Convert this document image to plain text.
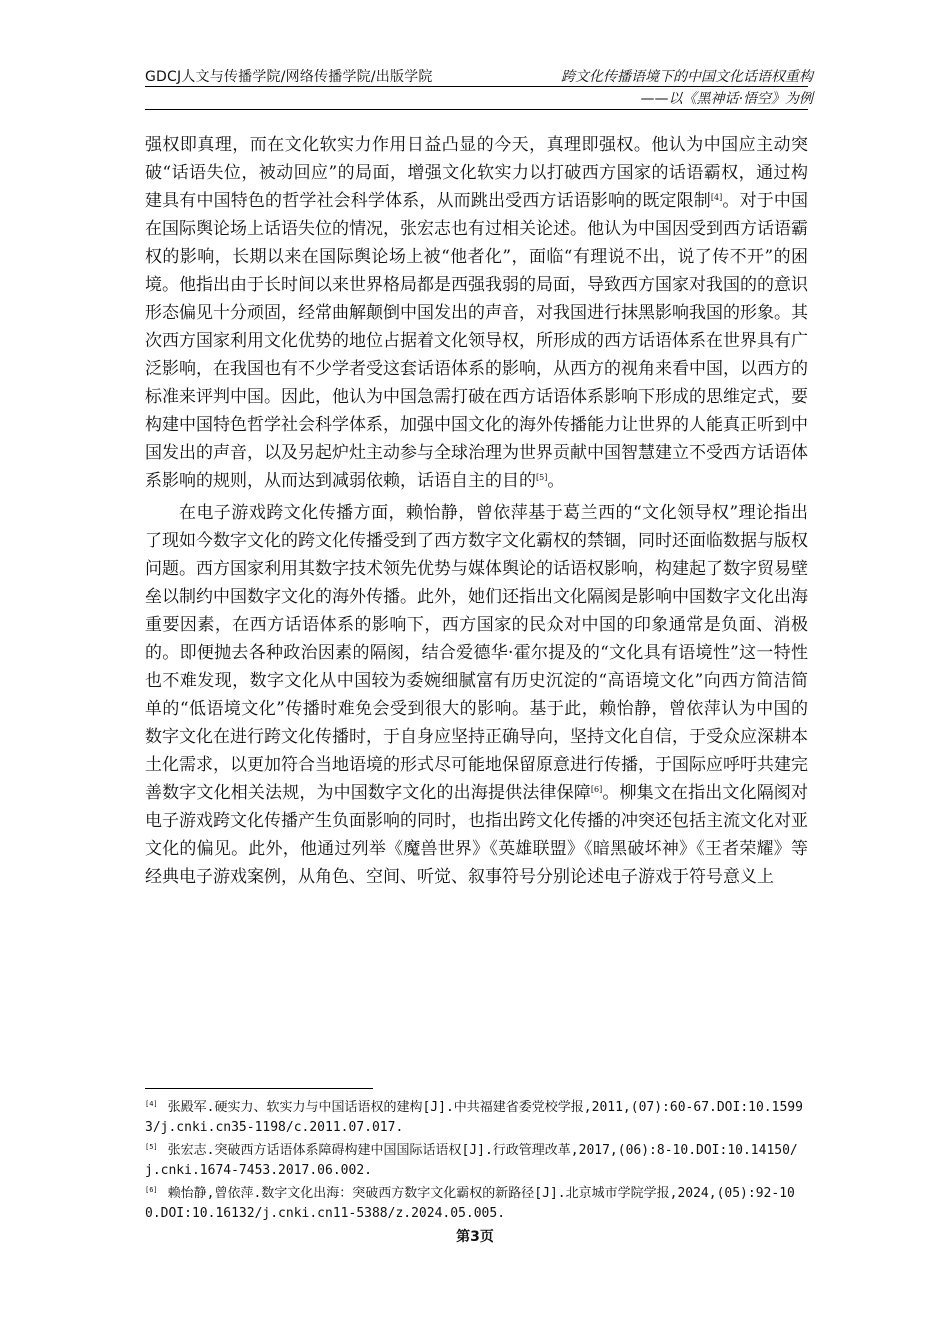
GDCJ人文与传播学院/网络传播学院/出版学院	跨文化传播语境下的中国文化话语权重构
——以《黑神话·悟空》为例

强权即真理，而在文化软实力作用日益凸显的今天，真理即强权。他认为中国应主动突破“话语失位，被动回应”的局面，增强文化软实力以打破西方国家的话语霸权，通过构建具有中国特色的哲学社会科学体系，从而跳出受西方话语影响的既定限制[4]。对于中国在国际舆论场上话语失位的情况，张宏志也有过相关论述。他认为中国因受到西方话语霸权的影响，长期以来在国际舆论场上被“他者化”，面临“有理说不出，说了传不开”的困境。他指出由于长时间以来世界格局都是西强我弱的局面，导致西方国家对我国的的意识形态偏见十分顽固，经常曲解颠倒中国发出的声音，对我国进行抹黑影响我国的形象。其次西方国家利用文化优势的地位占据着文化领导权，所形成的西方话语体系在世界具有广泛影响，在我国也有不少学者受这套话语体系的影响，从西方的视角来看中国，以西方的标准来评判中国。因此，他认为中国急需打破在西方话语体系影响下形成的思维定式，要构建中国特色哲学社会科学体系，加强中国文化的海外传播能力让世界的人能真正听到中国发出的声音，以及另起炉灶主动参与全球治理为世界贡献中国智慧建立不受西方话语体系影响的规则，从而达到减弱依赖，话语自主的目的[5]。

在电子游戏跨文化传播方面，赖怡静，曾依萍基于葛兰西的“文化领导权”理论指出了现如今数字文化的跨文化传播受到了西方数字文化霸权的禁锢，同时还面临数据与版权问题。西方国家利用其数字技术领先优势与媒体舆论的话语权影响，构建起了数字贸易壁垒以制约中国数字文化的海外传播。此外，她们还指出文化隔阂是影响中国数字文化出海重要因素，在西方话语体系的影响下，西方国家的民众对中国的印象通常是负面、消极的。即便抛去各种政治因素的隔阂，结合爱德华·霍尔提及的“文化具有语境性”这一特性也不难发现，数字文化从中国较为委婉细腻富有历史沉淀的“高语境文化”向西方简洁简单的“低语境文化”传播时难免会受到很大的影响。基于此，赖怡静，曾依萍认为中国的数字文化在进行跨文化传播时，于自身应坚持正确导向，坚持文化自信，于受众应深耕本土化需求，以更加符合当地语境的形式尽可能地保留原意进行传播，于国际应呼吁共建完善数字文化相关法规，为中国数字文化的出海提供法律保障[6]。柳集文在指出文化隔阂对电子游戏跨文化传播产生负面影响的同时，也指出跨文化传播的冲突还包括主流文化对亚文化的偏见。此外，他通过列举《魔兽世界》《英雄联盟》《暗黑破坏神》《王者荣耀》等经典电子游戏案例，从角色、空间、听觉、叙事符号分别论述电子游戏于符号意义上

[4] 张殿军.硬实力、软实力与中国话语权的建构[J].中共福建省委党校学报,2011,(07):60-67.DOI:10.15993/j.cnki.cn35-1198/c.2011.07.017.

[5] 张宏志.突破西方话语体系障碍构建中国国际话语权[J].行政管理改革,2017,(06):8-10.DOI:10.14150/j.cnki.1674-7453.2017.06.002.

[6] 赖怡静,曾依萍.数字文化出海：突破西方数字文化霸权的新路径[J].北京城市学院学报,2024,(05):92-100.DOI:10.16132/j.cnki.cn11-5388/z.2024.05.005.

第3页
